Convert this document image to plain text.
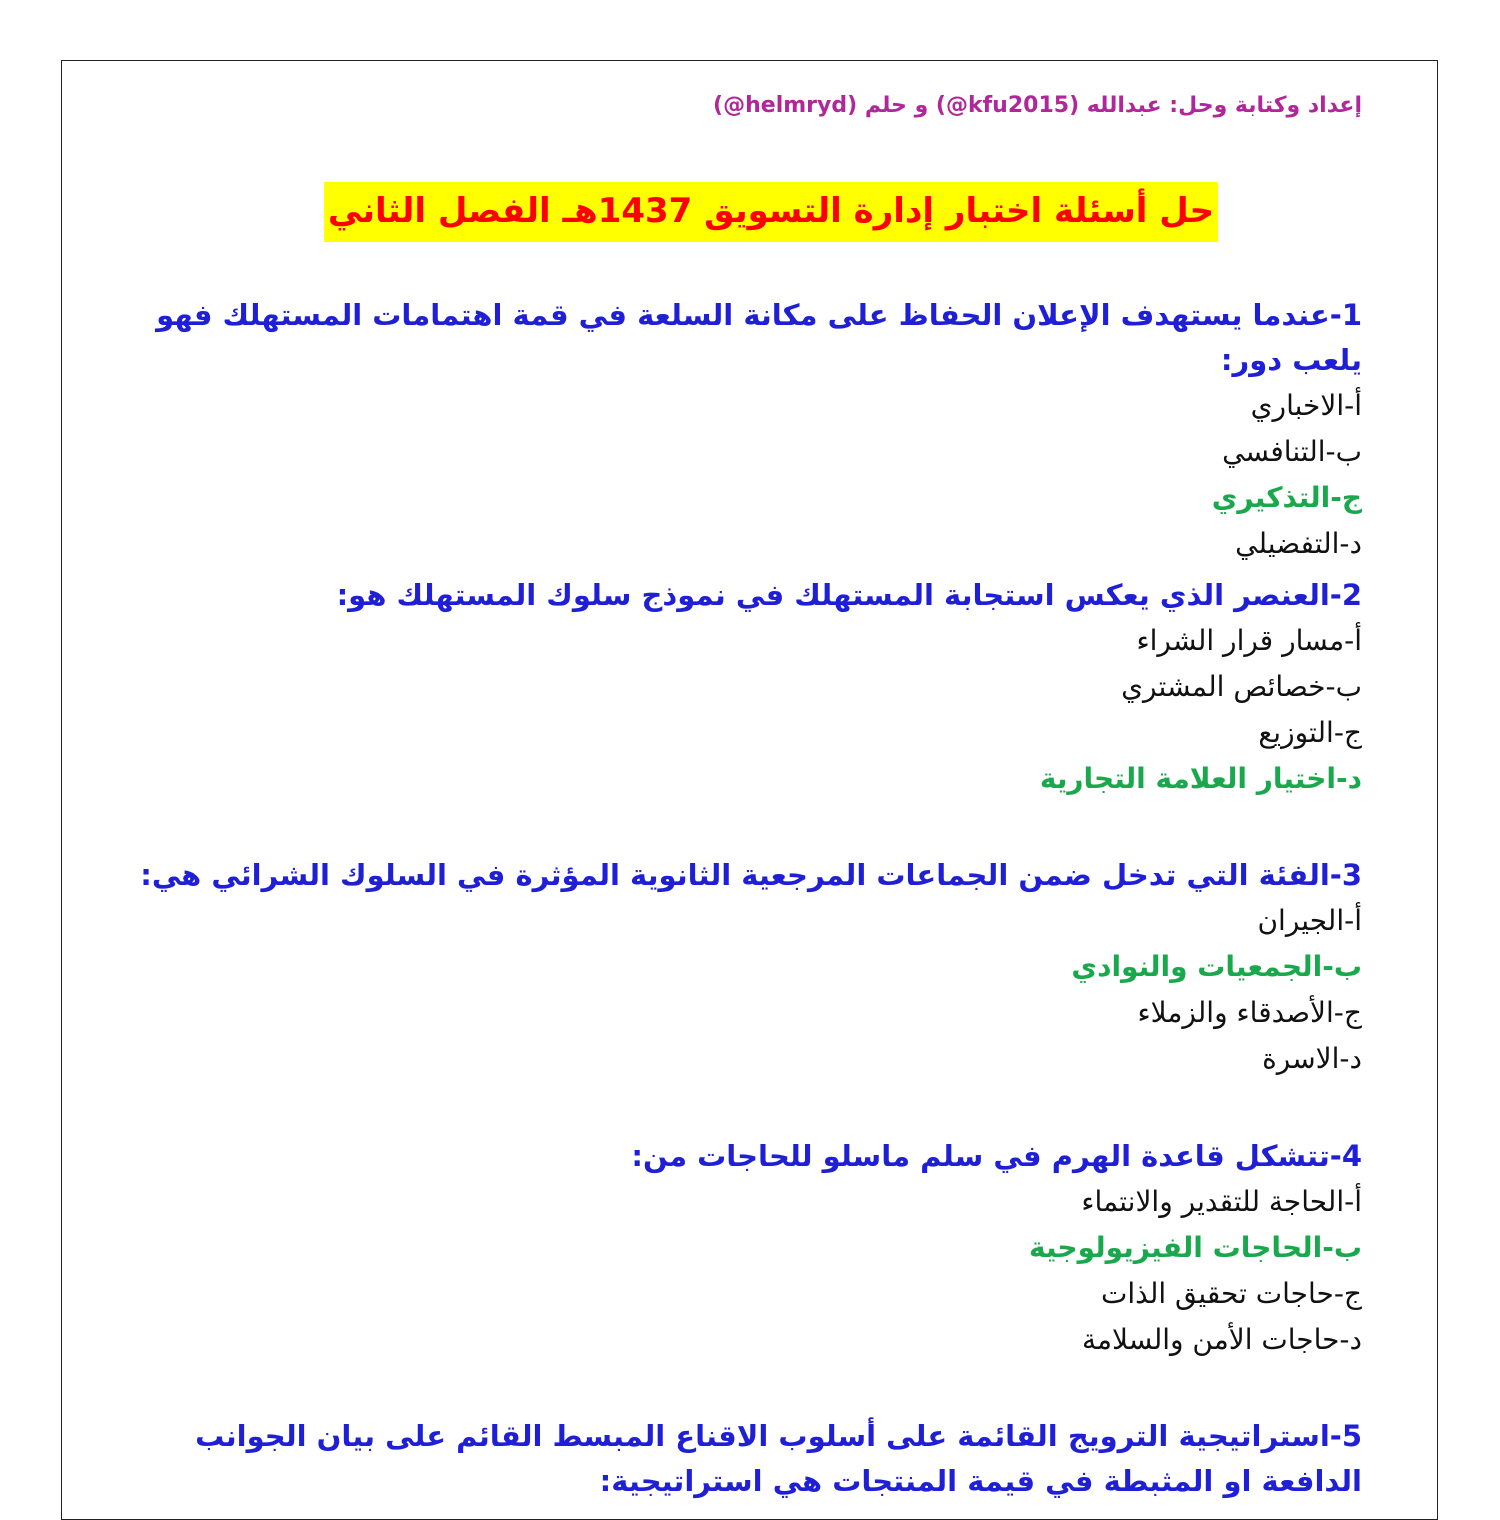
إعداد وكتابة وحل: عبدالله (kfu2015@) و حلم (helmryd@)
حل أسئلة اختبار إدارة التسويق 1437هـ الفصل الثاني

1-عندما يستهدف الإعلان الحفاظ على مكانة السلعة في قمة اهتمامات المستهلك فهو يلعب دور:

أ-الاخباري

ب-التنافسي

ج-التذكيري

د-التفضيلي

2-العنصر الذي يعكس استجابة المستهلك في نموذج سلوك المستهلك هو:

أ-مسار قرار الشراء

ب-خصائص المشتري

ج-التوزيع

د-اختيار العلامة التجارية

3-الفئة التي تدخل ضمن الجماعات المرجعية الثانوية المؤثرة في السلوك الشرائي هي:

أ-الجيران

ب-الجمعيات والنوادي

ج-الأصدقاء والزملاء

د-الاسرة

4-تتشكل قاعدة الهرم في سلم ماسلو للحاجات من:

أ-الحاجة للتقدير والانتماء

ب-الحاجات الفيزيولوجية

ج-حاجات تحقيق الذات

د-حاجات الأمن والسلامة

5-استراتيجية الترويج القائمة على أسلوب الاقناع المبسط القائم على بيان الجوانب الدافعة او المثبطة في قيمة المنتجات هي استراتيجية:
